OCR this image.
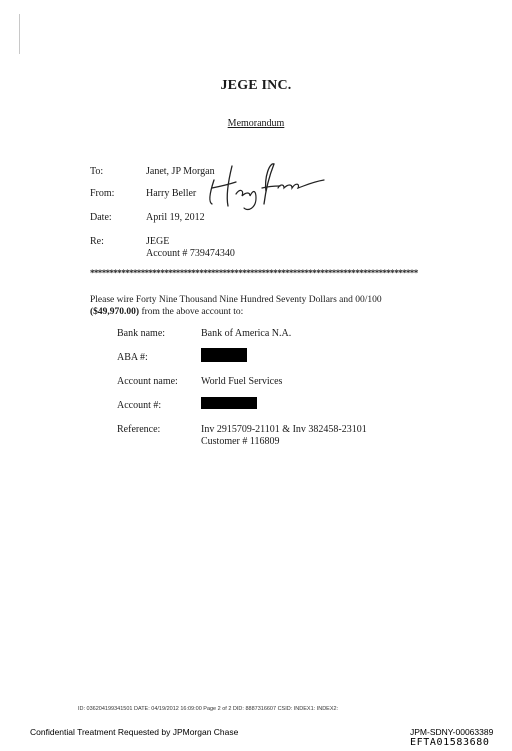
JEGE INC.
Memorandum
To:	Janet, JP Morgan
From:	Harry Beller
Date:	April 19, 2012
Re:	JEGE
Account # 739474340
************************************************************************************
Please wire Forty Nine Thousand Nine Hundred Seventy Dollars and 00/100
($49,970.00) from the above account to:
Bank name:	Bank of America N.A.
ABA #:
Account name: World Fuel Services
Account #:
Reference:	Inv 2915709-21101 & Inv 382458-23101
Customer # 116809
ID: 036204199341501 DATE: 04/19/2012 16:09:00 Page 2 of 2 DID: 8887316607 CSID: INDEX1: INDEX2:
Confidential Treatment Requested by JPMorgan Chase	JPM-SDNY-00063389
EFTA01583680
